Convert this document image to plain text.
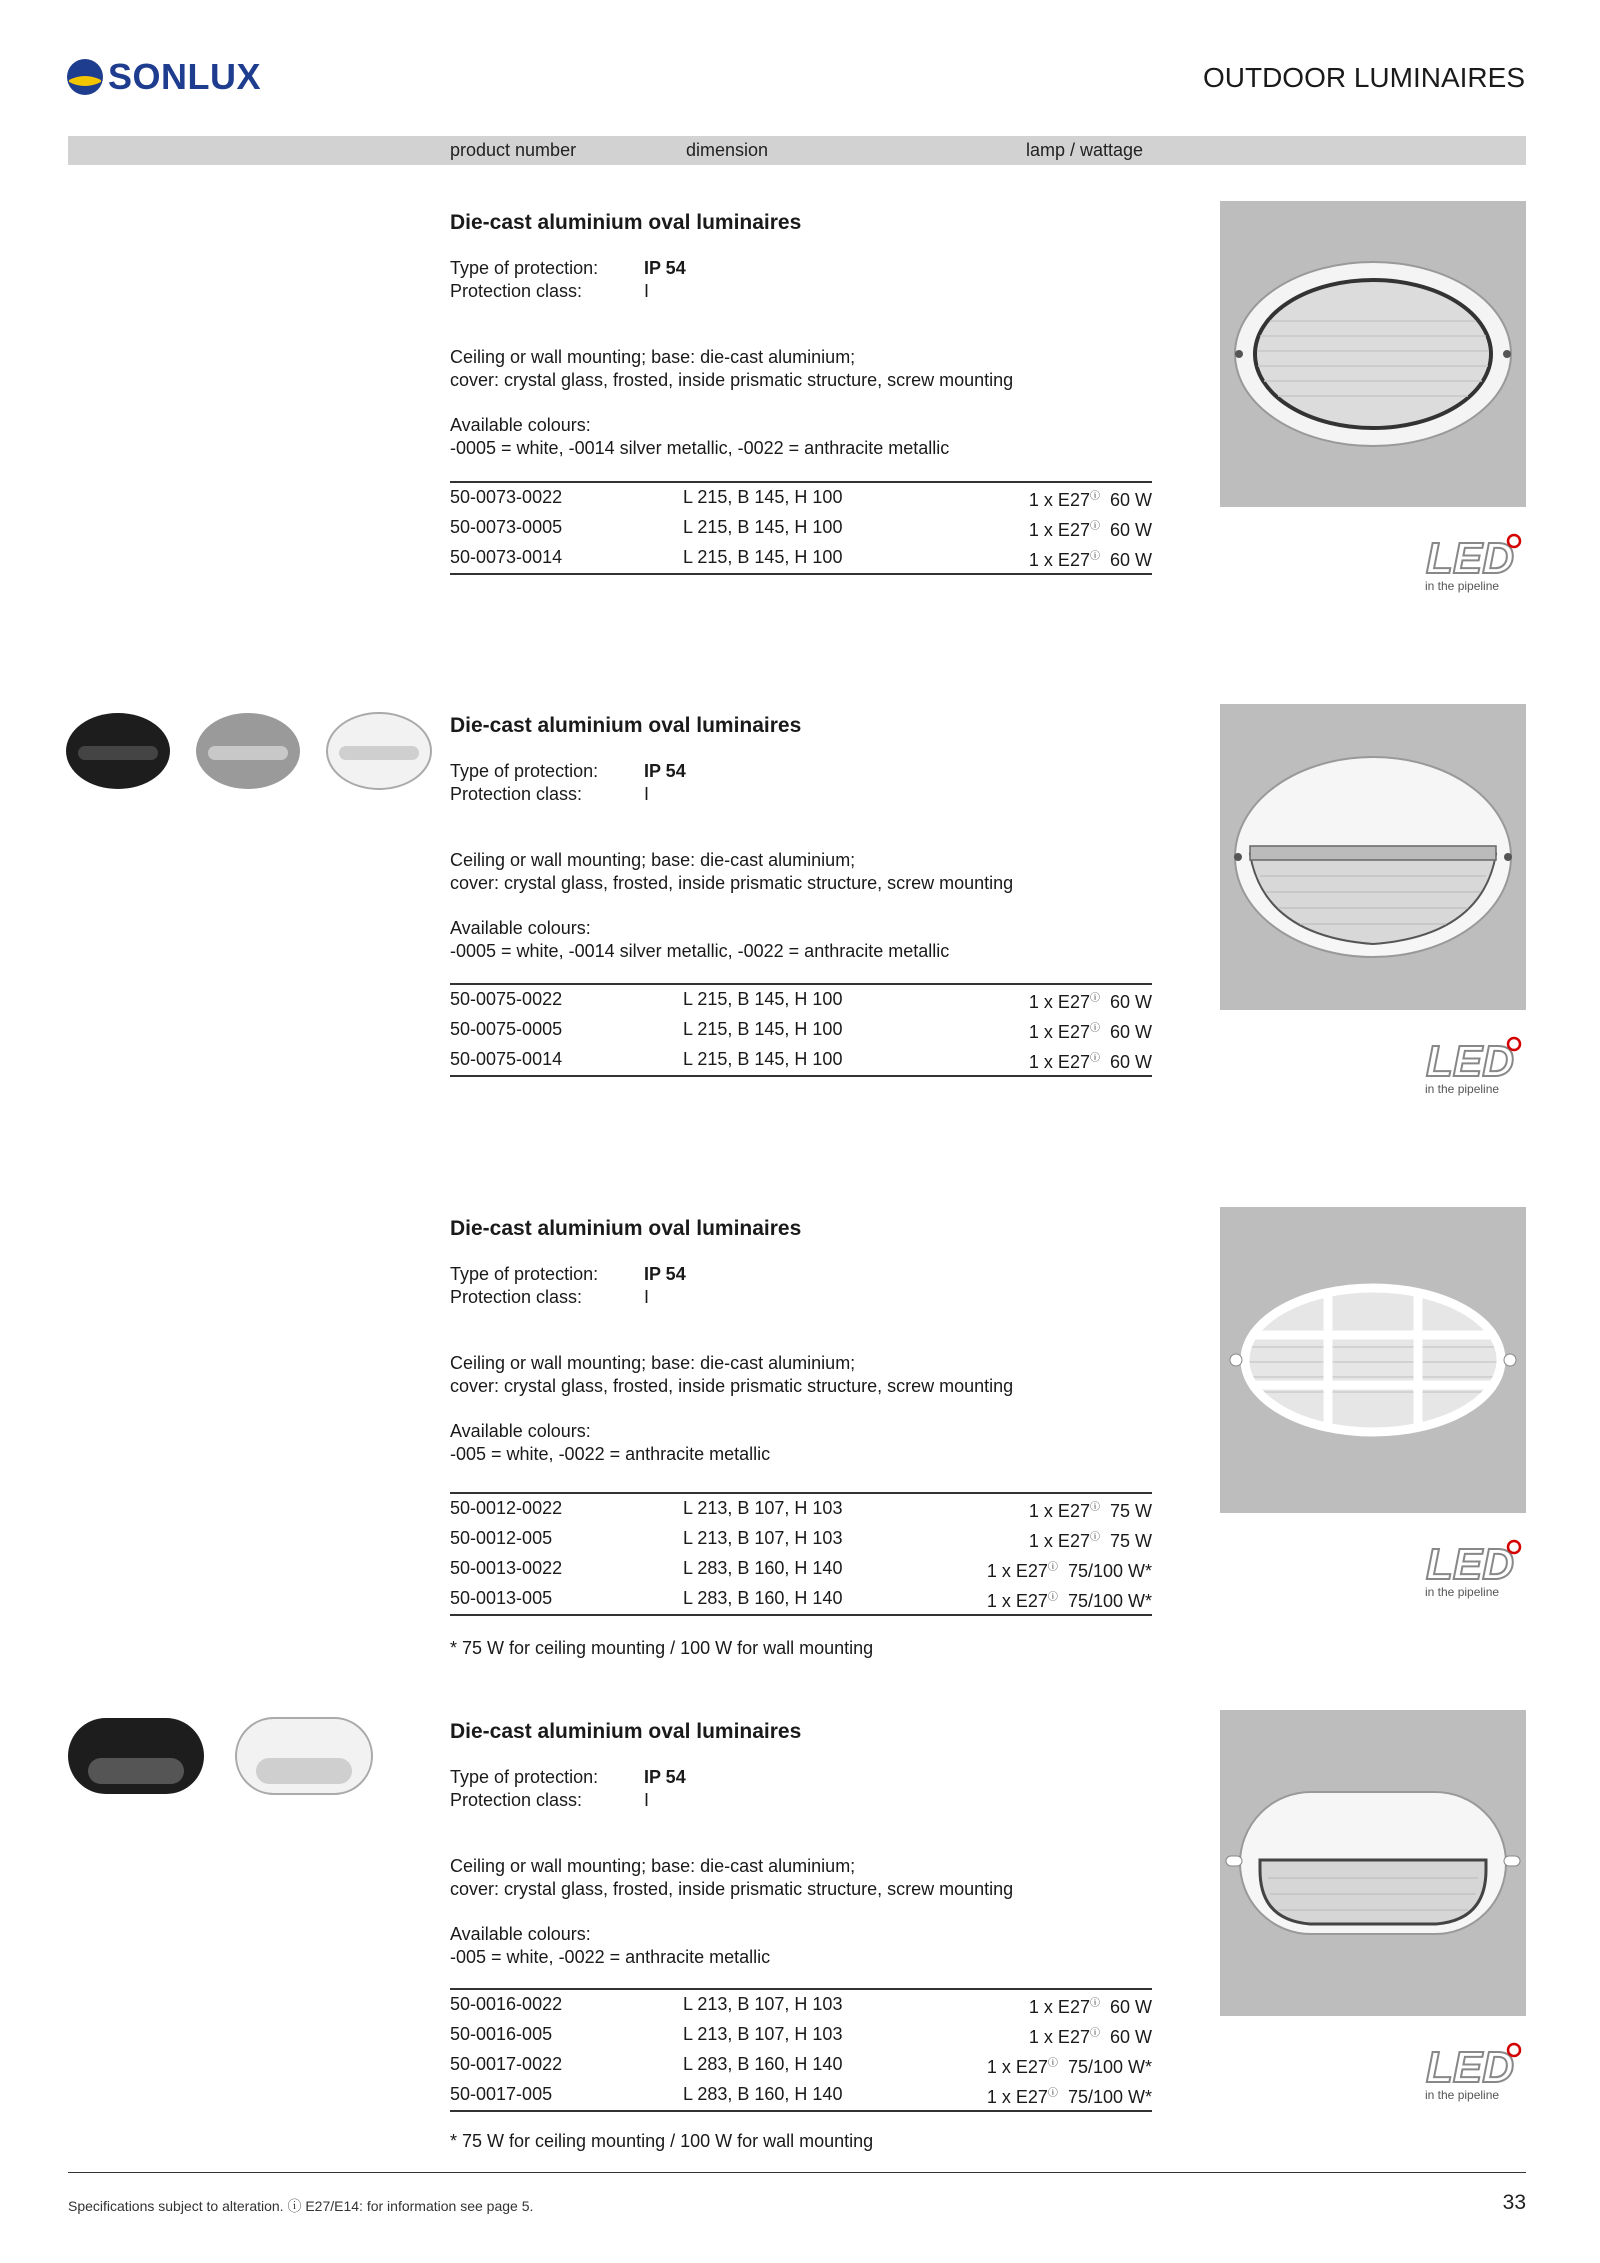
SONLUX	OUTDOOR LUMINAIRES
product number	dimension	lamp / wattage
Die-cast aluminium oval luminaires
Type of protection:	IP 54
Protection class:	I
Ceiling or wall mounting; base: die-cast aluminium;
cover: crystal glass, frosted, inside prismatic structure, screw mounting
Available colours:
-0005 = white, -0014 silver metallic, -0022 = anthracite metallic
50-0073-0022	L 215, B 145, H 100	1 x E27ⓘ 60 W
50-0073-0005	L 215, B 145, H 100	1 x E27ⓘ 60 W
50-0073-0014	L 215, B 145, H 100	1 x E27ⓘ 60 W	LED
in the pipeline
Die-cast aluminium oval luminaires
Type of protection:	IP 54
Protection class:	I
Ceiling or wall mounting; base: die-cast aluminium;
cover: crystal glass, frosted, inside prismatic structure, screw mounting
Available colours:
-0005 = white, -0014 silver metallic, -0022 = anthracite metallic
50-0075-0022	L 215, B 145, H 100	1 x E27ⓘ 60 W
50-0075-0005	L 215, B 145, H 100	1 x E27ⓘ 60 W
50-0075-0014	L 215, B 145, H 100	1 x E27ⓘ 60 W	LED
in the pipeline
Die-cast aluminium oval luminaires
Type of protection:	IP 54
Protection class:	I
Ceiling or wall mounting; base: die-cast aluminium;
cover: crystal glass, frosted, inside prismatic structure, screw mounting
Available colours:
-005 = white, -0022 = anthracite metallic
50-0012-0022	L 213, B 107, H 103	1 x E27ⓘ 75 W
50-0012-005	L 213, B 107, H 103	1 x E27ⓘ 75 W
50-0013-0022	L 283, B 160, H 140	1 x E27ⓘ 75/100 W*
50-0013-005	L 283, B 160, H 140	1 x E27ⓘ 75/100 W*
* 75 W for ceiling mounting / 100 W for wall mounting
LED
in the pipeline
Die-cast aluminium oval luminaires
Type of protection:	IP 54
Protection class:	I
Ceiling or wall mounting; base: die-cast aluminium;
cover: crystal glass, frosted, inside prismatic structure, screw mounting
Available colours:
-005 = white, -0022 = anthracite metallic
50-0016-0022	L 213, B 107, H 103	1 x E27ⓘ 60 W
50-0016-005	L 213, B 107, H 103	1 x E27ⓘ 60 W
50-0017-0022	L 283, B 160, H 140	1 x E27ⓘ 75/100 W*
50-0017-005	L 283, B 160, H 140	1 x E27ⓘ 75/100 W*
* 75 W for ceiling mounting / 100 W for wall mounting
LED
in the pipeline
Specifications subject to alteration. ⓘ E27/E14: for information see page 5.	33
